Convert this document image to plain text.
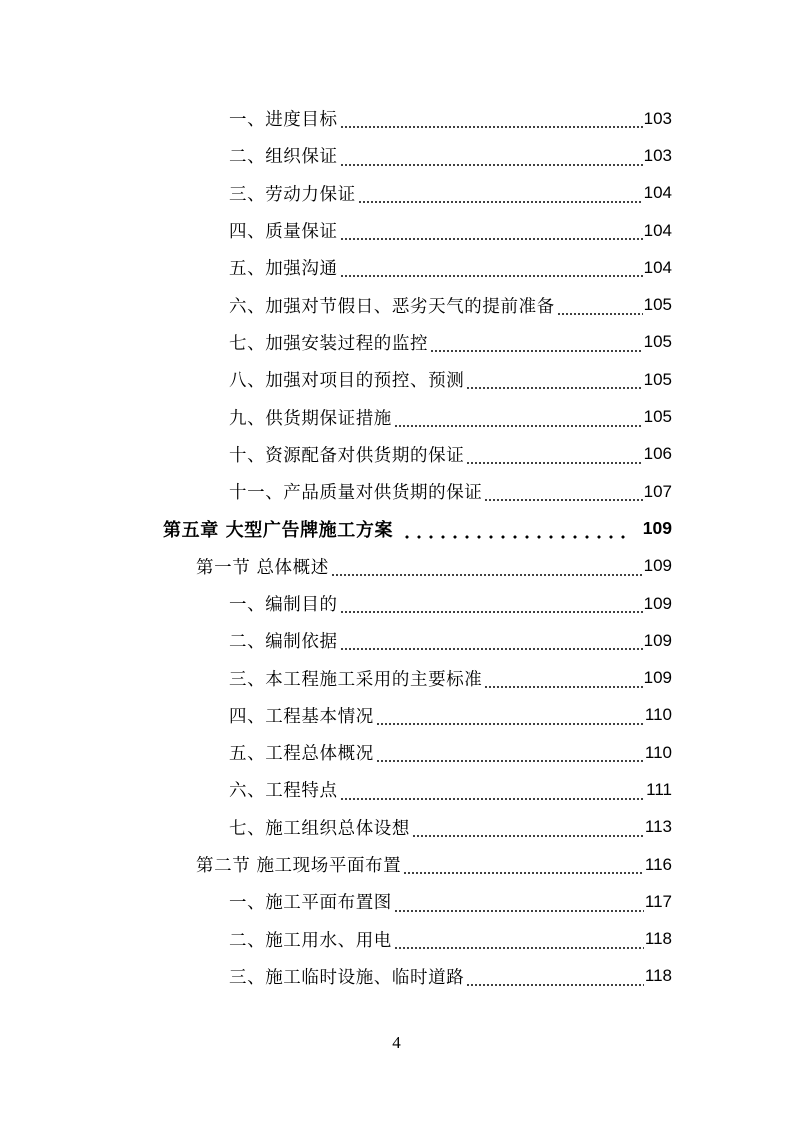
一、进度目标	103
二、组织保证	103
三、劳动力保证	104
四、质量保证	104
五、加强沟通	104
六、加强对节假日、恶劣天气的提前准备	105
七、加强安装过程的监控	105
八、加强对项目的预控、预测	105
九、供货期保证措施	105
十、资源配备对供货期的保证	106
十一、产品质量对供货期的保证	107
第五章 大型广告牌施工方案	109
第一节 总体概述	109
一、编制目的	109
二、编制依据	109
三、本工程施工采用的主要标准	109
四、工程基本情况	110
五、工程总体概况	110
六、工程特点	111
七、施工组织总体设想	113
第二节 施工现场平面布置	116
一、施工平面布置图	117
二、施工用水、用电	118
三、施工临时设施、临时道路	118
4
